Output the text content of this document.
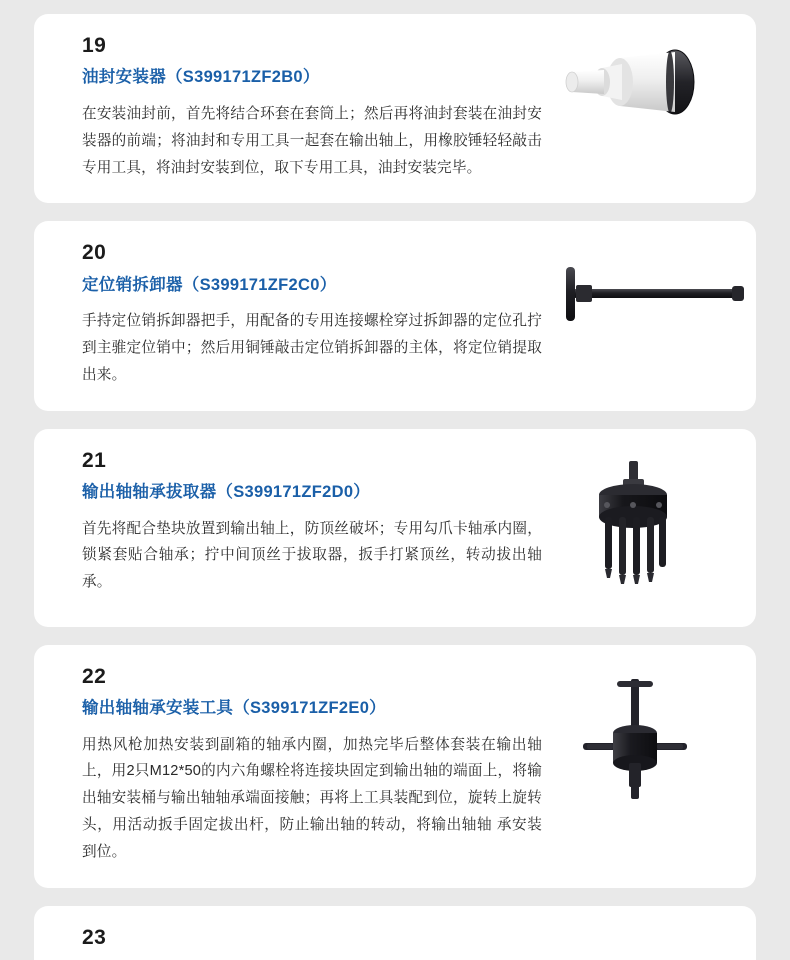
19
油封安装器（S399171ZF2B0）
在安装油封前，首先将结合环套在套筒上；然后再将油封套装在油封安装器的前端；将油封和专用工具一起套在输出轴上，用橡胶锤轻轻敲击专用工具，将油封安装到位，取下专用工具，油封安装完毕。
20
定位销拆卸器（S399171ZF2C0）
手持定位销拆卸器把手，用配备的专用连接螺栓穿过拆卸器的定位孔拧到主骓定位销中；然后用铜锤敲击定位销拆卸器的主体，将定位销提取出来。
21
输出轴轴承拔取器（S399171ZF2D0）
首先将配合垫块放置到输出轴上，防顶丝破坏；专用勾爪卡轴承内圈，锁紧套贴合轴承；拧中间顶丝于拔取器，扳手打紧顶丝，转动拔出轴承。
22
输出轴轴承安装工具（S399171ZF2E0）
用热风枪加热安装到副箱的轴承内圈，加热完毕后整体套装在输出轴上，用2只M12*50的内六角螺栓将连接块固定到输出轴的端面上，将输出轴安装桶与输出轴轴承端面接触；再将上工具装配到位，旋转上旋转头，用活动扳手固定拔出杆，防止输出轴的转动，将输出轴轴 承安装到位。
23
